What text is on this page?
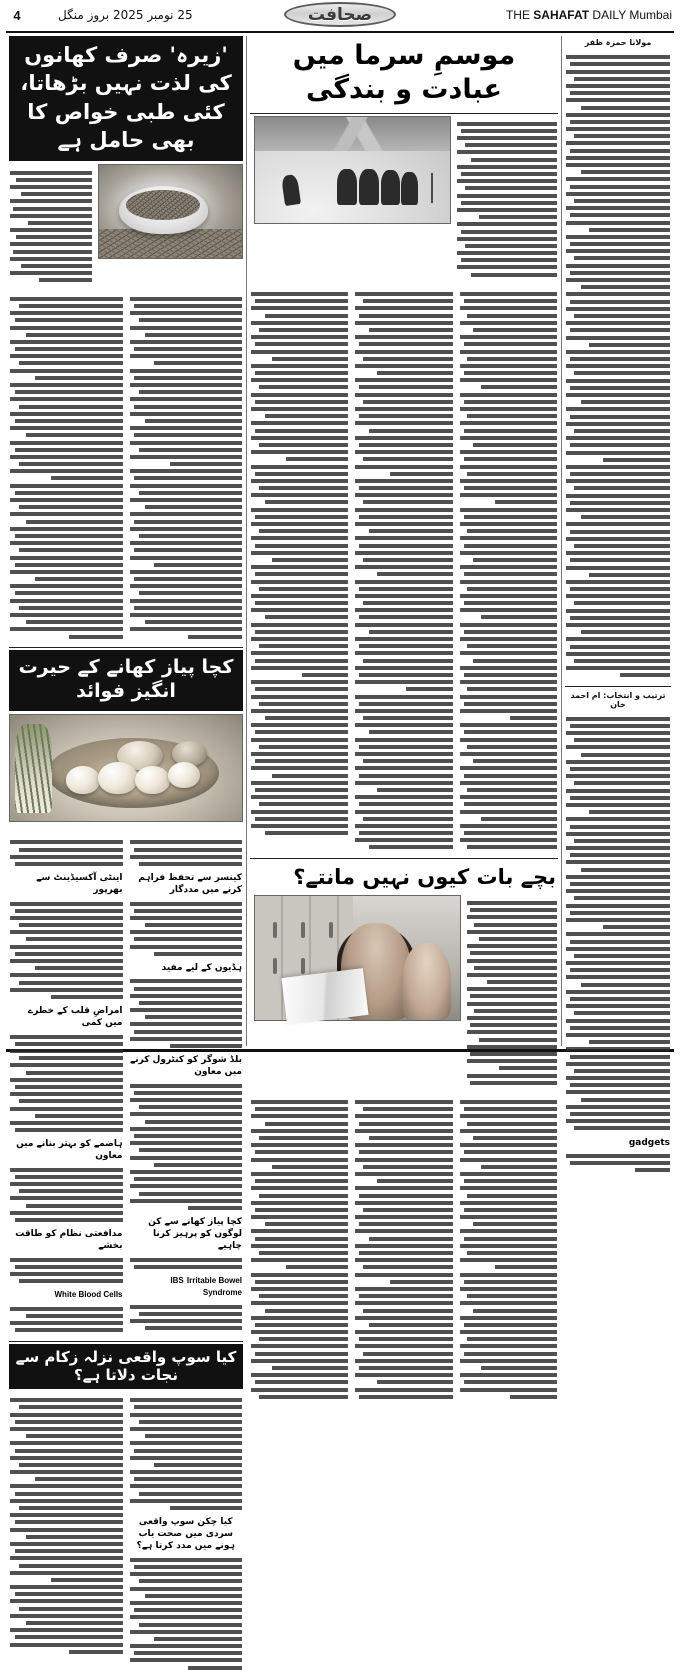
4	25 نومبر 2025 بروز منگل	صحافت	THE SAHAFAT DAILY Mumbai
مولانا حمزہ ظفر
ترتیب و انتخاب: ام احمد خان
gadgets
موسمِ سرما میں عبادت و بندگی
بچے بات کیوں نہیں مانتے؟
'زیرہ' صرف کھانوں کی لذت نہیں بڑھاتا، کئی طبی خواص کا بھی حامل ہے
کچا پیاز کھانے کے حیرت انگیز فوائد

کینسر سے تحفظ فراہم کرنے میں مددگار
ہڈیوں کے لیے مفید
بلڈ شوگر کو کنٹرول کرنے میں معاون
کچا پیاز کھانے سے کن لوگوں کو پرہیز کرنا چاہیے
Irritable Bowel IBS Syndrome
اینٹی آکسیڈینٹ سے بھرپور
امراضِ قلب کے خطرے میں کمی
ہاضمے کو بہتر بنانے میں معاون
مدافعتی نظام کو طاقت بخشے
White Blood Cells
کیا سوپ واقعی نزلہ زکام سے نجات دلاتا ہے؟
کیا چکن سوپ واقعی سردی میں صحت یاب ہونے میں مدد کرتا ہے؟
